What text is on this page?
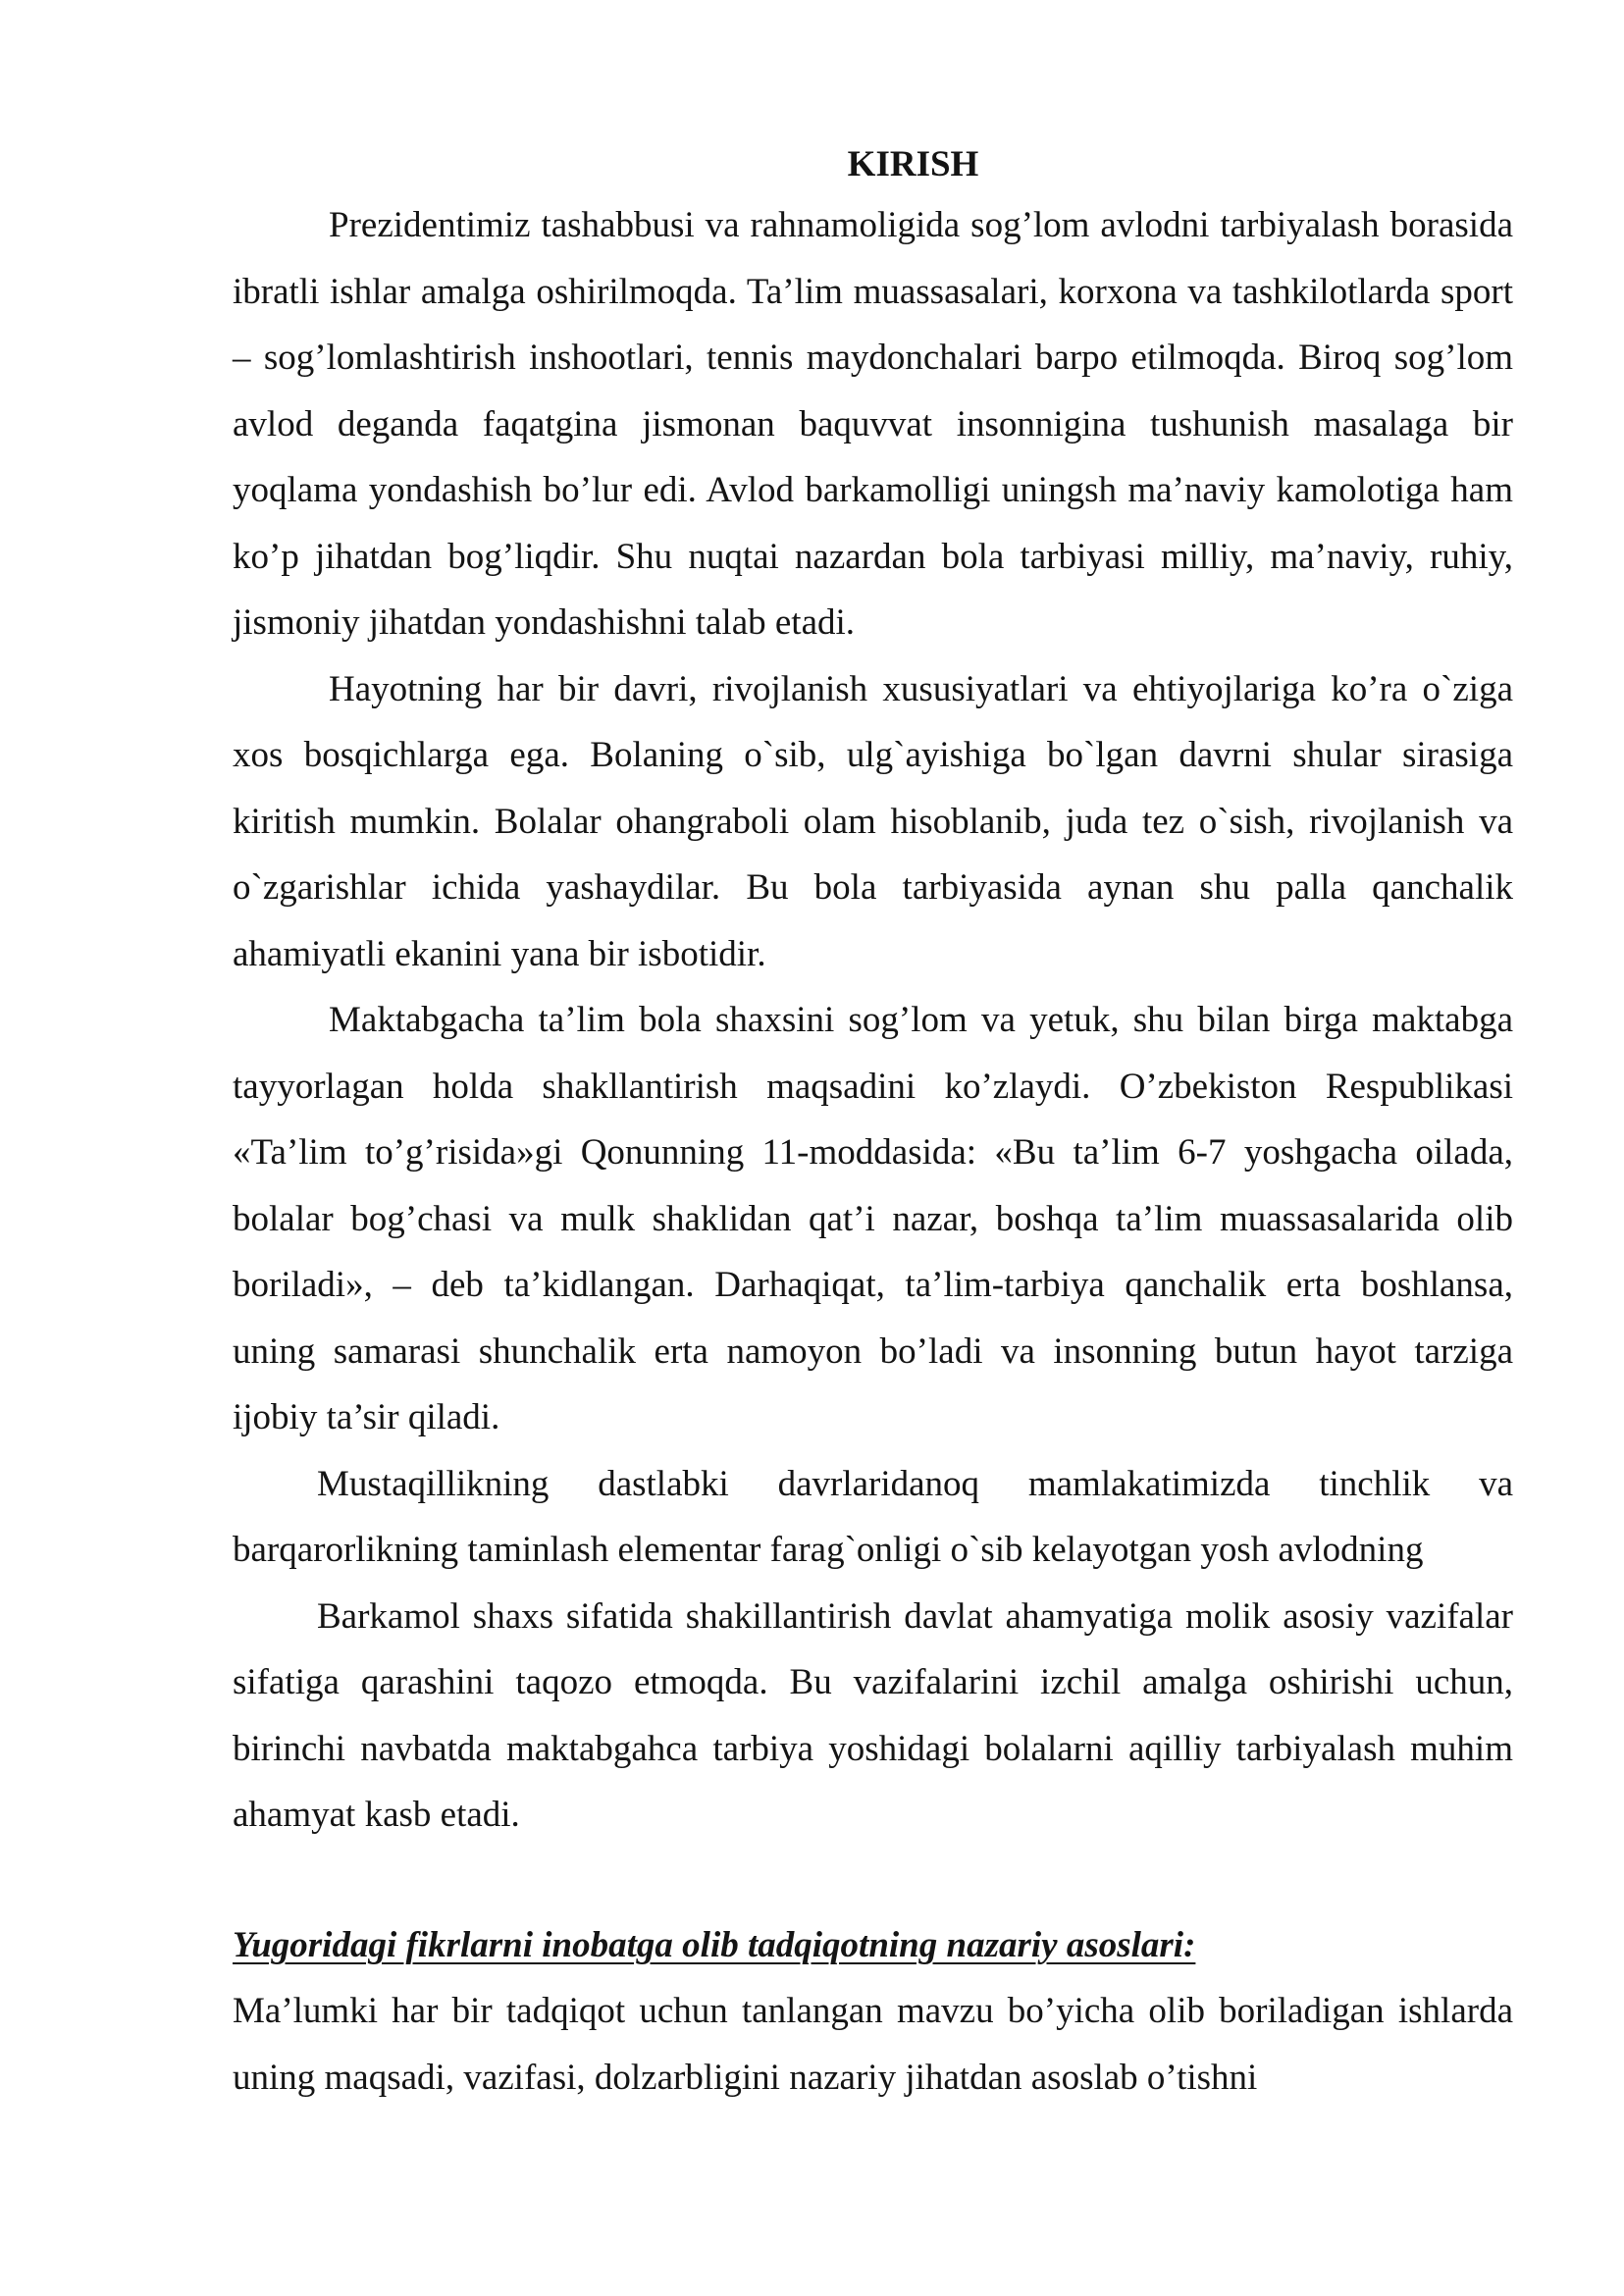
KIRISH

Prezidentimiz tashabbusi va rahnamoligida sog’lom avlodni tarbiyalash borasida ibratli ishlar amalga oshirilmoqda. Ta’lim muassasalari, korxona va tashkilotlarda sport – sog’lomlashtirish inshootlari, tennis maydonchalari barpo etilmoqda. Biroq sog’lom avlod deganda faqatgina jismonan baquvvat insonniginа tushunish masalaga bir yoqlama yondashish bo’lur edi. Avlod barkamolligi uningsh ma’naviy kamolotiga ham ko’p jihatdan bog’liqdir. Shu nuqtai nazardan bola tarbiyasi milliy, ma’naviy, ruhiy, jismoniy jihatdan yondashishni talab etadi.

Hayotning har bir davri, rivojlanish xususiyatlari va ehtiyojlariga ko’ra o`ziga xos bosqichlarga ega. Bolaning o`sib, ulg`ayishiga bo`lgan davrni shular sirasiga kiritish mumkin. Bolalar ohangraboli olam hisoblanib, juda tez o`sish, rivojlanish va o`zgarishlar ichida yashaydilar. Bu bola tarbiyasida aynan shu palla qanchalik ahamiyatli ekanini yana bir isbotidir.

Maktabgacha ta’lim bola shaxsini sog’lom va yetuk, shu bilan birga maktabga tayyorlagan holda shakllantirish maqsadini ko’zlaydi. O’zbekiston Respublikasi «Ta’lim to’g’risida»gi Qonunning 11-moddasida: «Bu ta’lim 6-7 yoshgacha oilada, bolalar bog’chasi va mulk shaklidan qat’i nazar, boshqa ta’lim muassasalarida olib boriladi», – deb ta’kidlangan. Darhaqiqat, ta’lim-tarbiya qanchalik erta boshlansa, uning samarasi shunchalik erta namoyon bo’ladi va insonning butun hayot tarziga ijobiy ta’sir qiladi.

Mustaqillikning dastlabki davrlaridanoq mamlakatimizda tinchlik va barqarorlikning taminlash elementar farag`onligi o`sib kelayotgan yosh avlodning

Barkamol shaxs sifatida shakillantirish davlat ahamyatiga molik asosiy vazifalar sifatiga qarashini taqozo etmoqda. Bu vazifalarini izchil amalga oshirishi uchun, birinchi navbatda maktabgahca tarbiya yoshidagi bolalarni aqilliy tarbiyalash muhim ahamyat kasb etadi.

Yugoridagi fikrlarni inobatga olib tadqiqotning nazariy asoslari:

Ma’lumki har bir tadqiqot uchun tanlangan mavzu bo’yicha olib boriladigan ishlarda uning maqsadi, vazifasi, dolzarbligini nazariy jihatdan asoslab o’tishni
